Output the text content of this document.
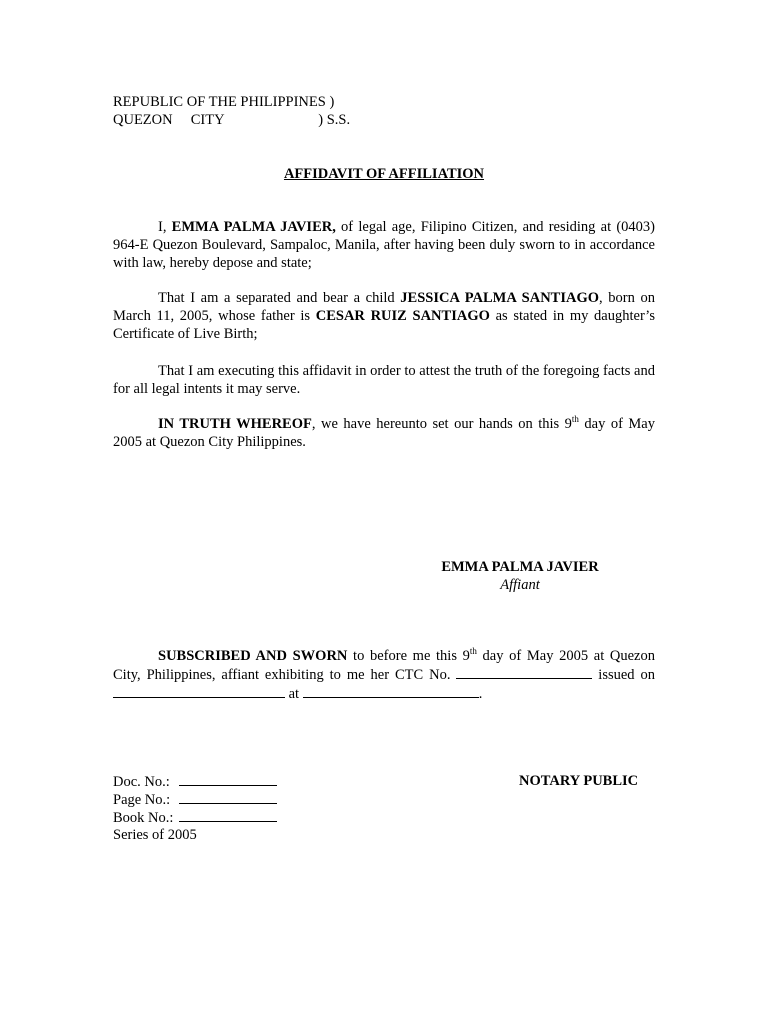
REPUBLIC OF THE PHILIPPINES )
QUEZON     CITY                          ) S.S.
AFFIDAVIT OF AFFILIATION
I, EMMA PALMA JAVIER, of legal age, Filipino Citizen, and residing at (0403) 964-E Quezon Boulevard, Sampaloc, Manila, after having been duly sworn to in accordance with law, hereby depose and state;
That I am a separated and bear a child JESSICA PALMA SANTIAGO, born on March 11, 2005, whose father is CESAR RUIZ SANTIAGO as stated in my daughter’s Certificate of Live Birth;
That I am executing this affidavit in order to attest the truth of the foregoing facts and for all legal intents it may serve.
IN TRUTH WHEREOF, we have hereunto set our hands on this 9th day of May 2005 at Quezon City Philippines.
EMMA PALMA JAVIER
Affiant
SUBSCRIBED AND SWORN to before me this 9th day of May 2005 at Quezon City, Philippines, affiant exhibiting to me her CTC No.	issued on  at	.
Doc. No.:
Page No.:
Book No.:
Series of 2005
NOTARY PUBLIC
